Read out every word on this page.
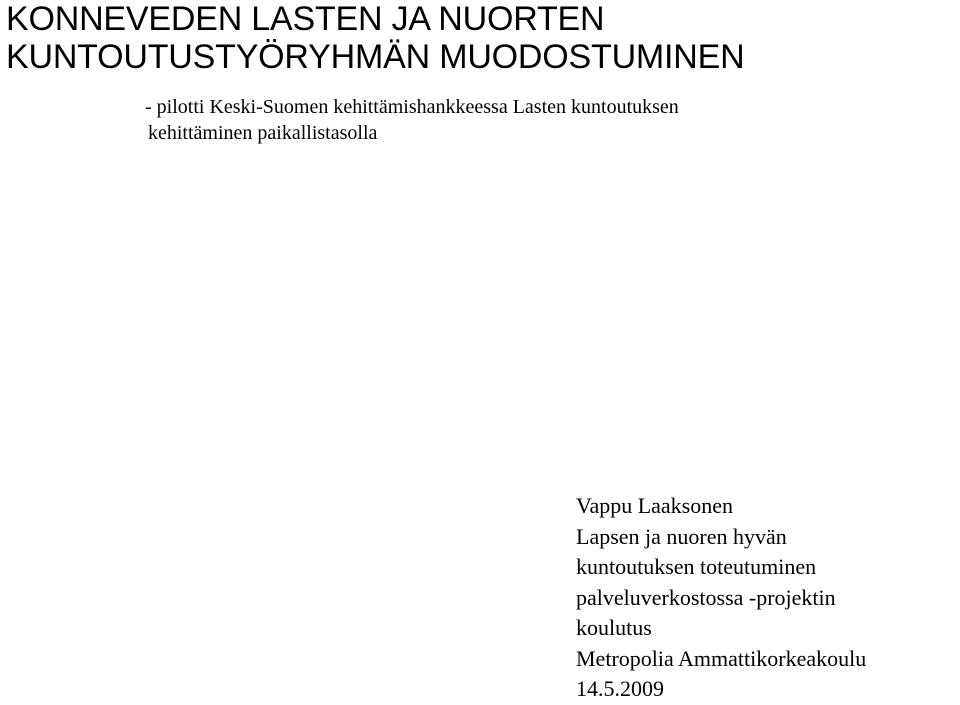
KONNEVEDEN LASTEN JA NUORTEN
KUNTOUTUSTYÖRYHMÄN MUODOSTUMINEN

- pilotti Keski-Suomen kehittämishankkeessa Lasten kuntoutuksen
kehittäminen paikallistasolla

Vappu Laaksonen
Lapsen ja nuoren hyvän
kuntoutuksen toteutuminen
palveluverkostossa -projektin
koulutus
Metropolia Ammattikorkeakoulu
14.5.2009
